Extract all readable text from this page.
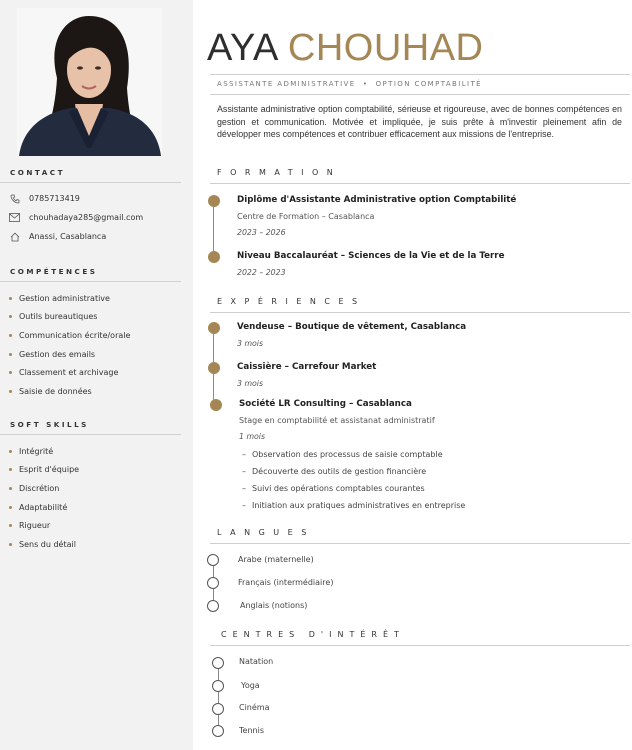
CONTACT
0785713419
chouhadaya285@gmail.com
Anassi, Casablanca
COMPÉTENCES
Gestion administrative
Outils bureautiques
Communication écrite/orale
Gestion des emails
Classement et archivage
Saisie de données
SOFT SKILLS
Intégrité
Esprit d'équipe
Discrétion
Adaptabilité
Rigueur
Sens du détail
AYA CHOUHAD
ASSISTANTE ADMINISTRATIVE • OPTION COMPTABILITÉ
Assistante administrative option comptabilité, sérieuse et rigoureuse, avec de bonnes compétences en gestion et communication. Motivée et impliquée, je suis prête à m'investir pleinement afin de développer mes compétences et contribuer efficacement aux missions de l'entreprise.
FORMATION
Diplôme d'Assistante Administrative option Comptabilité
Centre de Formation – Casablanca
2023 – 2026
Niveau Baccalauréat – Sciences de la Vie et de la Terre
2022 – 2023
EXPÉRIENCES
Vendeuse – Boutique de vêtement, Casablanca
3 mois
Caissière – Carrefour Market
3 mois
Société LR Consulting – Casablanca
Stage en comptabilité et assistanat administratif
1 mois
– Observation des processus de saisie comptable
– Découverte des outils de gestion financière
– Suivi des opérations comptables courantes
– Initiation aux pratiques administratives en entreprise
LANGUES
Arabe (maternelle)
Français (intermédiaire)
Anglais (notions)
CENTRES D'INTÉRÊT
Natation
Yoga
Cinéma
Tennis
